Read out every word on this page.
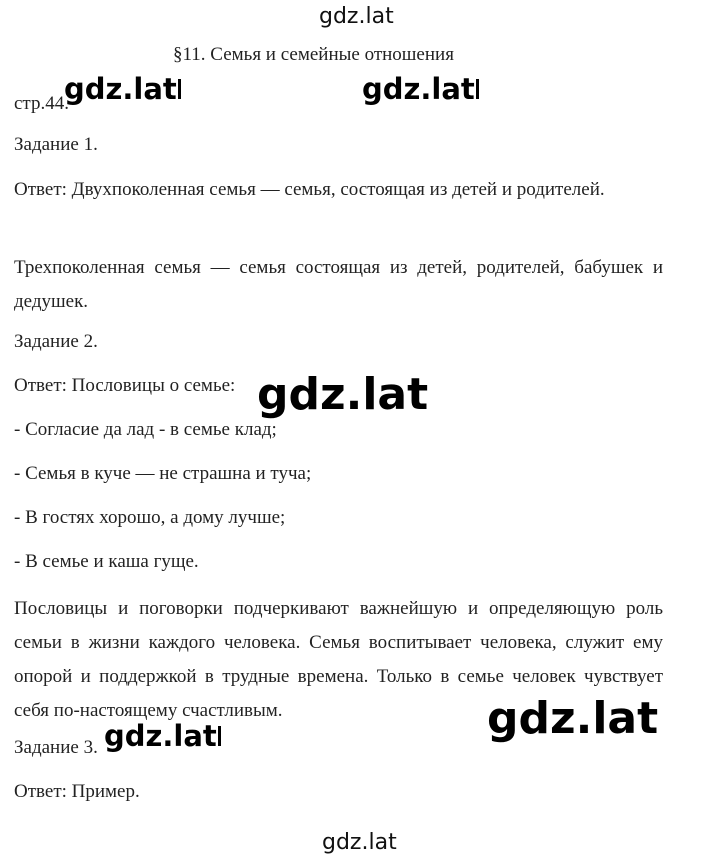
gdz.lat
§11. Семья и семейные отношения
стр.44.
Задание 1.
Ответ: Двухпоколенная семья — семья, состоящая из детей и родителей.
Трехпоколенная семья — семья состоящая из детей, родителей, бабушек и дедушек.
Задание 2.
Ответ: Пословицы о семье:
- Согласие да лад - в семье клад;
- Семья в куче — не страшна и туча;
- В гостях хорошо, а дому лучше;
- В семье и каша гуще.
Пословицы и поговорки подчеркивают важнейшую и определяющую роль семьи в жизни каждого человека. Семья воспитывает человека, служит ему опорой и поддержкой в трудные времена. Только в семье человек чувствует себя по-настоящему счастливым.
Задание 3.
Ответ: Пример.
gdz.lat	gdz.lat
gdz.lat
gdz.lat
gdz.lat
gdz.lat
